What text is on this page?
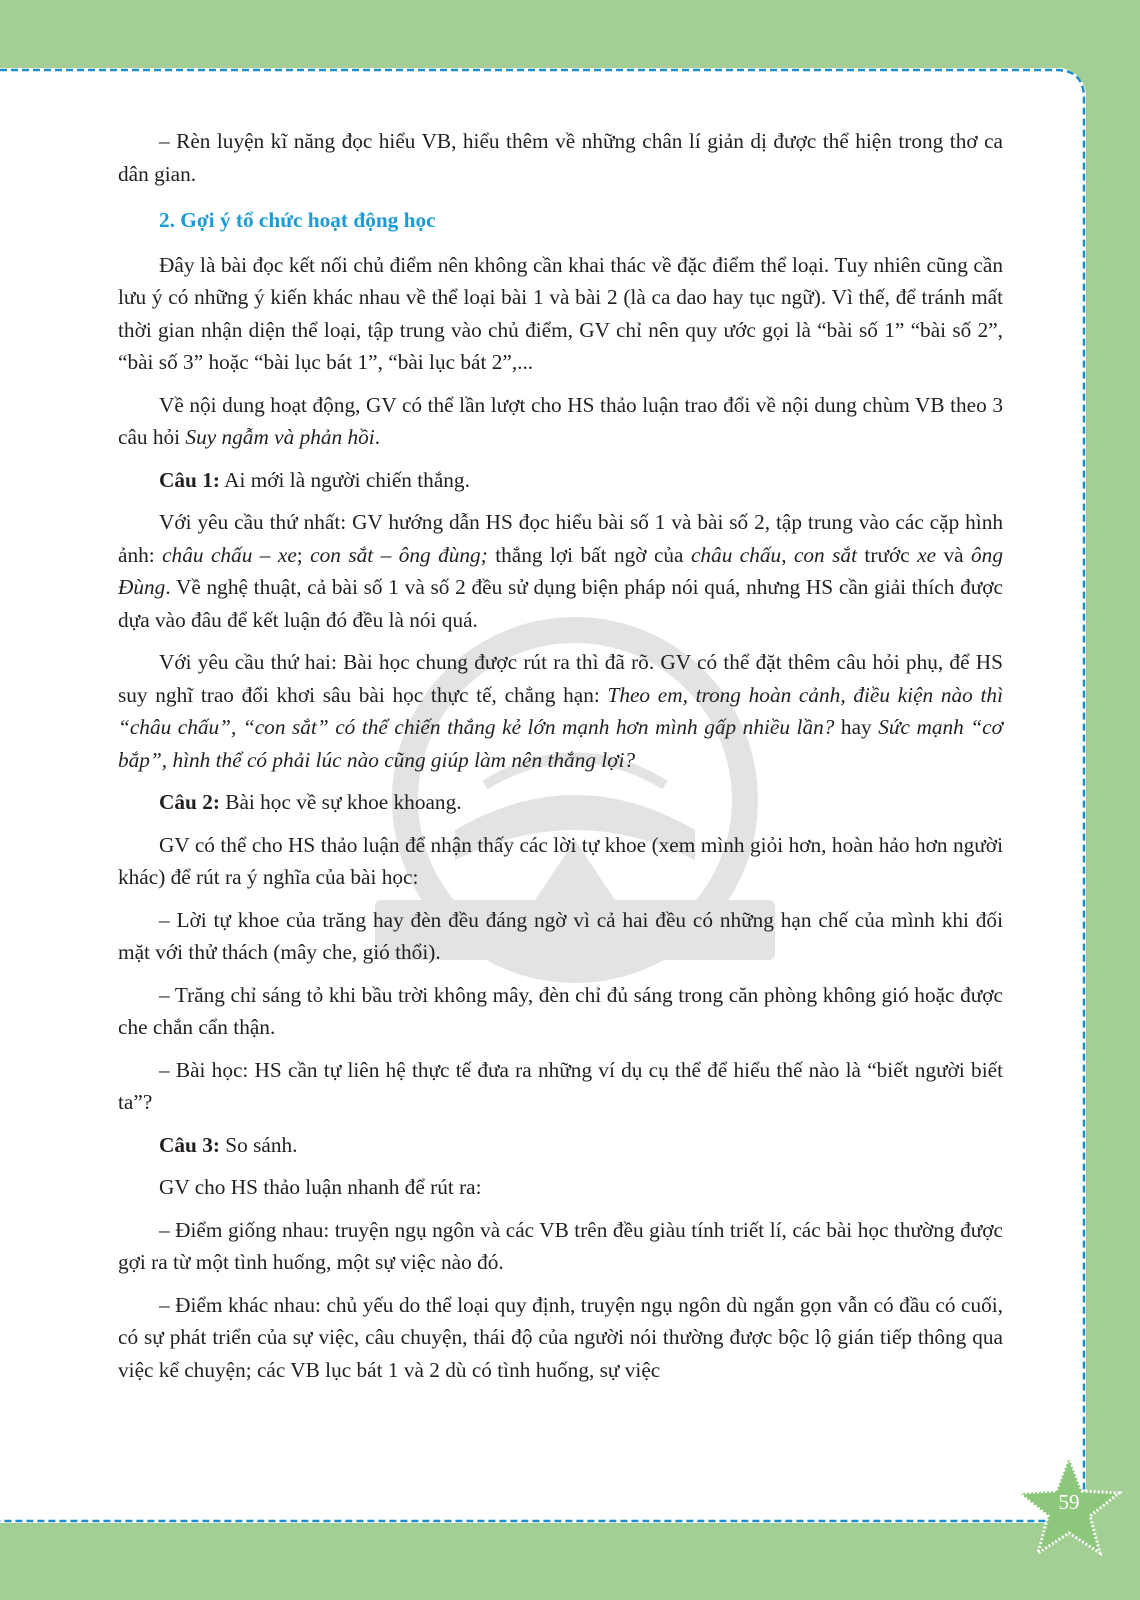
– Rèn luyện kĩ năng đọc hiểu VB, hiểu thêm về những chân lí giản dị được thể hiện trong thơ ca dân gian.

2. Gợi ý tổ chức hoạt động học

Đây là bài đọc kết nối chủ điểm nên không cần khai thác về đặc điểm thể loại. Tuy nhiên cũng cần lưu ý có những ý kiến khác nhau về thể loại bài 1 và bài 2 (là ca dao hay tục ngữ). Vì thế, để tránh mất thời gian nhận diện thể loại, tập trung vào chủ điểm, GV chỉ nên quy ước gọi là “bài số 1” “bài số 2”, “bài số 3” hoặc “bài lục bát 1”, “bài lục bát 2”,...

Về nội dung hoạt động, GV có thể lần lượt cho HS thảo luận trao đổi về nội dung chùm VB theo 3 câu hỏi Suy ngẫm và phản hồi.

Câu 1: Ai mới là người chiến thắng.

Với yêu cầu thứ nhất: GV hướng dẫn HS đọc hiểu bài số 1 và bài số 2, tập trung vào các cặp hình ảnh: châu chấu – xe; con sắt – ông đùng; thắng lợi bất ngờ của châu chấu, con sắt trước xe và ông Đùng. Về nghệ thuật, cả bài số 1 và số 2 đều sử dụng biện pháp nói quá, nhưng HS cần giải thích được dựa vào đâu để kết luận đó đều là nói quá.

Với yêu cầu thứ hai: Bài học chung được rút ra thì đã rõ. GV có thể đặt thêm câu hỏi phụ, để HS suy nghĩ trao đổi khơi sâu bài học thực tế, chẳng hạn: Theo em, trong hoàn cảnh, điều kiện nào thì “châu chấu”, “con sắt” có thể chiến thắng kẻ lớn mạnh hơn mình gấp nhiều lần? hay Sức mạnh “cơ bắp”, hình thể có phải lúc nào cũng giúp làm nên thắng lợi?

Câu 2: Bài học về sự khoe khoang.

GV có thể cho HS thảo luận để nhận thấy các lời tự khoe (xem mình giỏi hơn, hoàn hảo hơn người khác) để rút ra ý nghĩa của bài học:

– Lời tự khoe của trăng hay đèn đều đáng ngờ vì cả hai đều có những hạn chế của mình khi đối mặt với thử thách (mây che, gió thổi).

– Trăng chỉ sáng tỏ khi bầu trời không mây, đèn chỉ đủ sáng trong căn phòng không gió hoặc được che chắn cẩn thận.

– Bài học: HS cần tự liên hệ thực tế đưa ra những ví dụ cụ thể để hiểu thế nào là “biết người biết ta”?

Câu 3: So sánh.

GV cho HS thảo luận nhanh để rút ra:

– Điểm giống nhau: truyện ngụ ngôn và các VB trên đều giàu tính triết lí, các bài học thường được gợi ra từ một tình huống, một sự việc nào đó.

– Điểm khác nhau: chủ yếu do thể loại quy định, truyện ngụ ngôn dù ngắn gọn vẫn có đầu có cuối, có sự phát triển của sự việc, câu chuyện, thái độ của người nói thường được bộc lộ gián tiếp thông qua việc kể chuyện; các VB lục bát 1 và 2 dù có tình huống, sự việc

59
